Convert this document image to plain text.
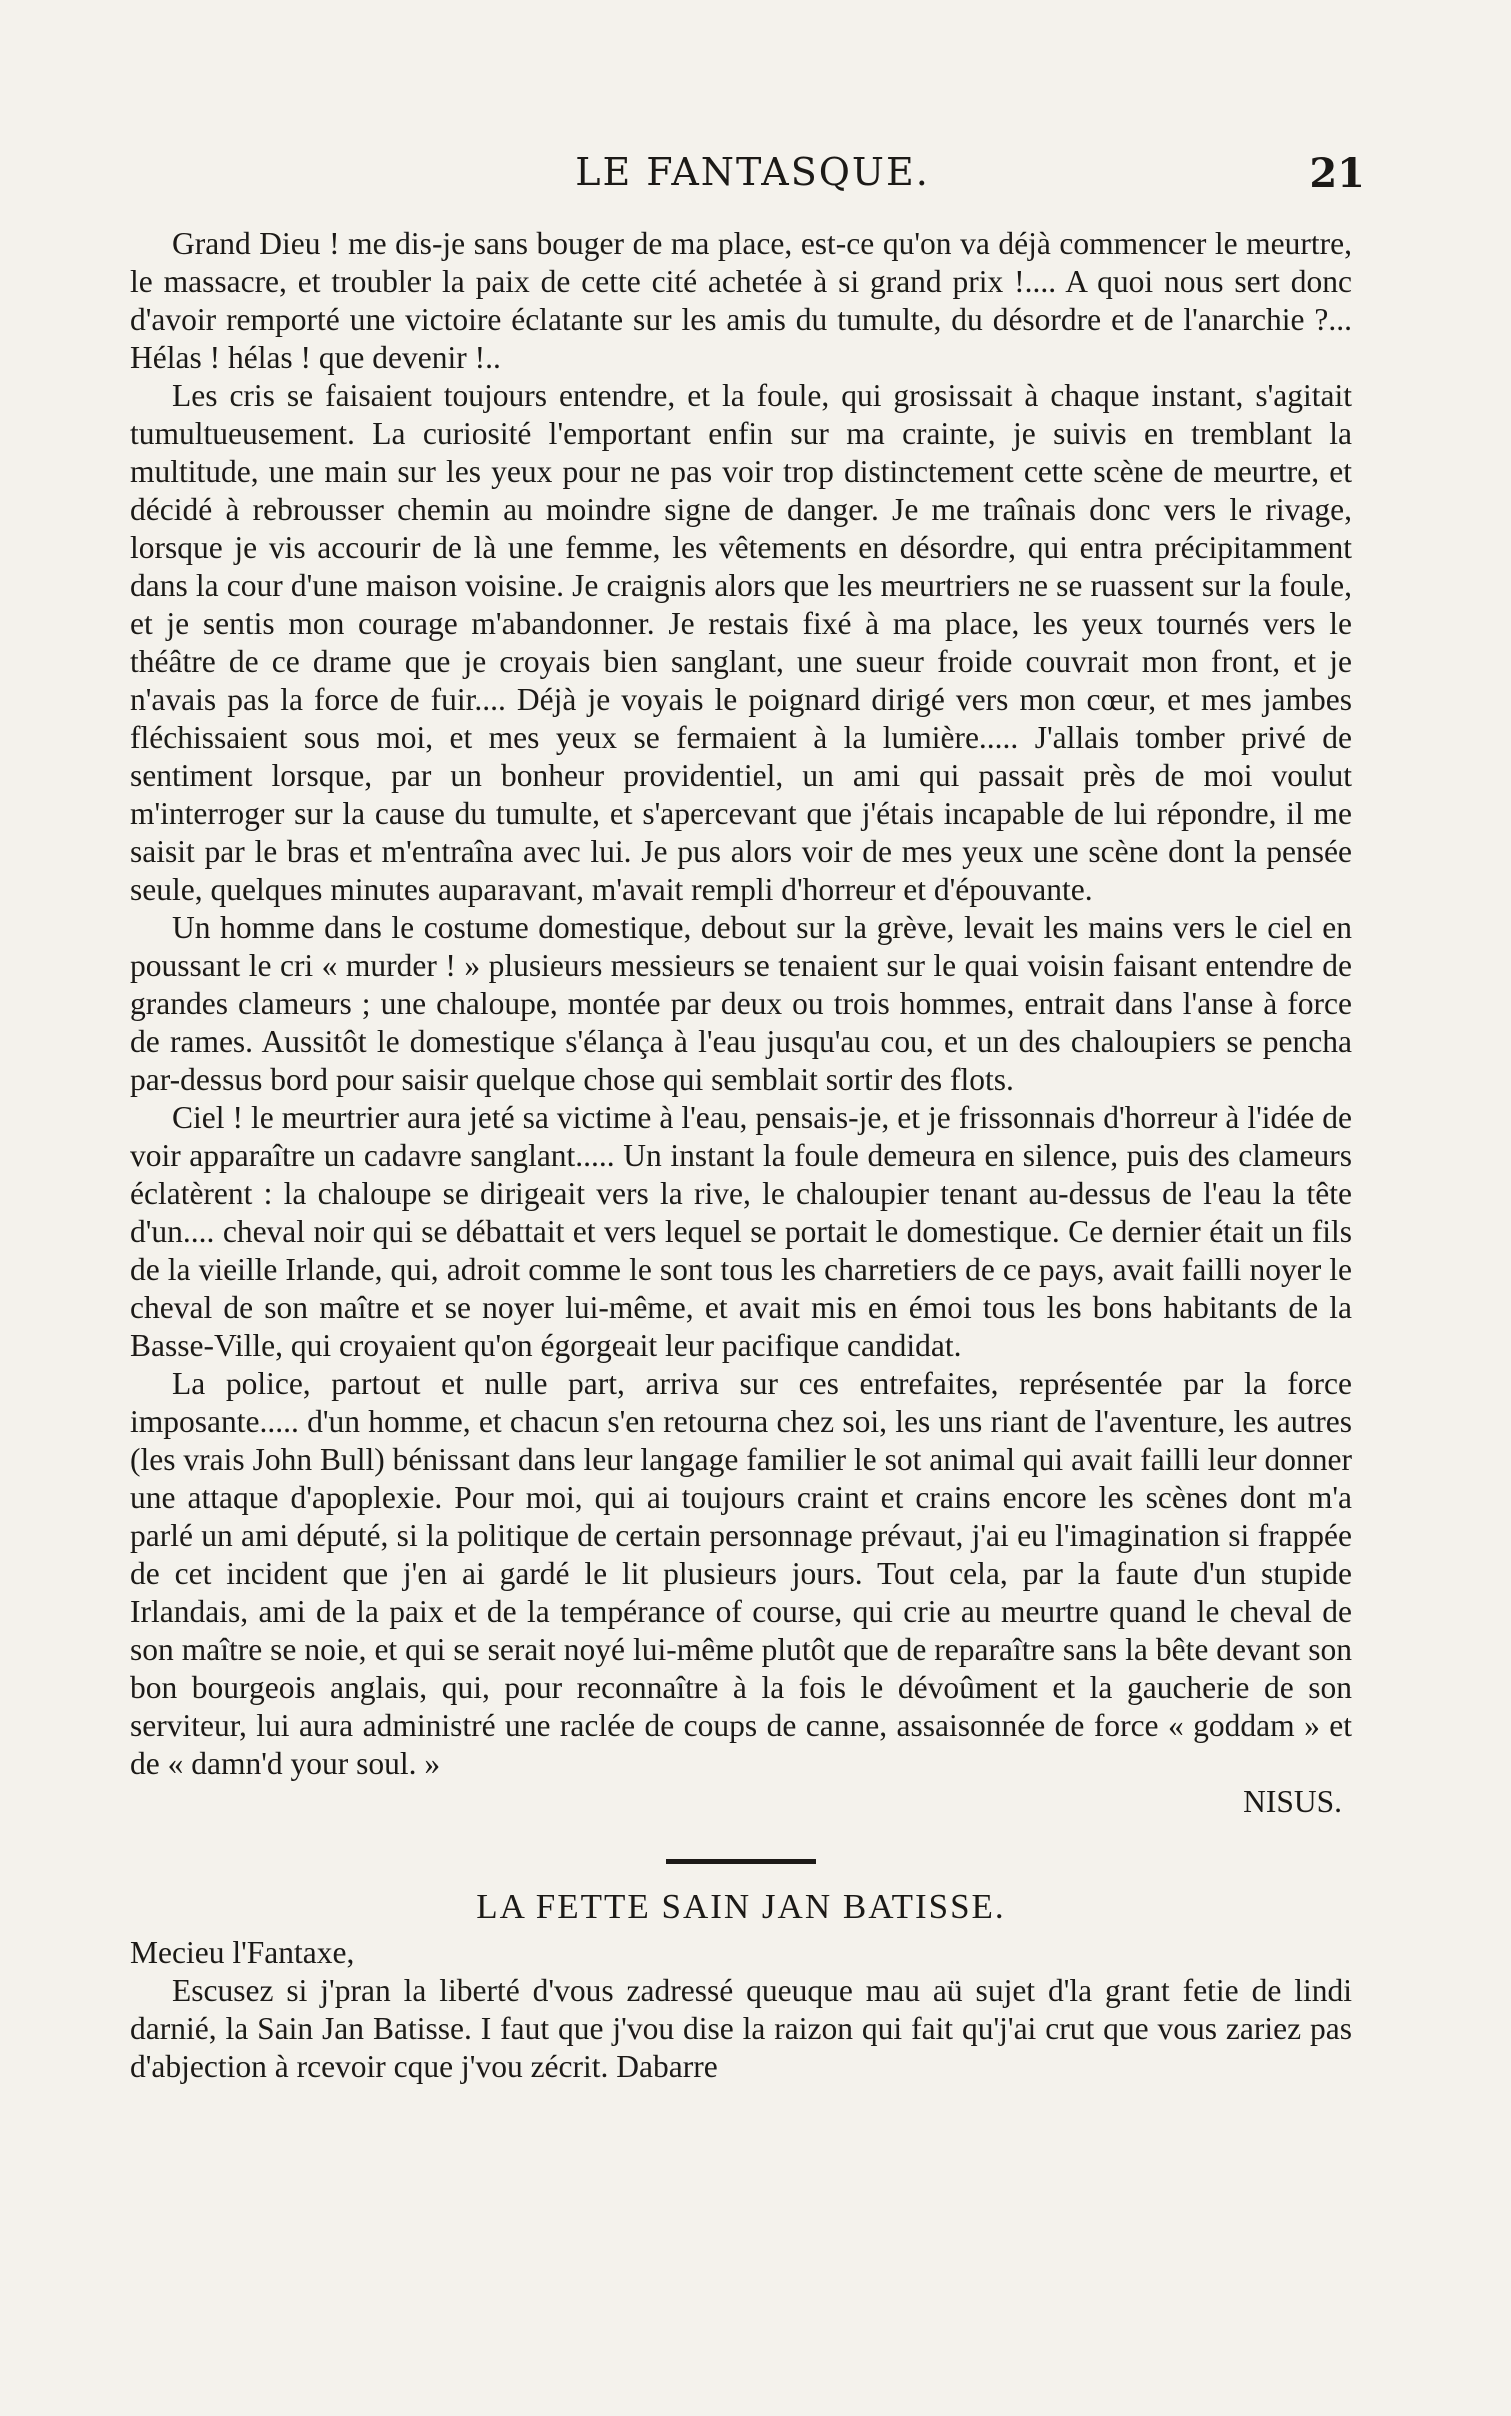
LE FANTASQUE.	21

Grand Dieu ! me dis-je sans bouger de ma place, est-ce qu'on va déjà commencer le meurtre, le massacre, et troubler la paix de cette cité achetée à si grand prix !.... A quoi nous sert donc d'avoir remporté une victoire éclatante sur les amis du tumulte, du désordre et de l'anarchie ?... Hélas ! hélas ! que devenir !..

Les cris se faisaient toujours entendre, et la foule, qui grosissait à chaque instant, s'agitait tumultueusement. La curiosité l'emportant enfin sur ma crainte, je suivis en tremblant la multitude, une main sur les yeux pour ne pas voir trop distinctement cette scène de meurtre, et décidé à rebrousser chemin au moindre signe de danger. Je me traînais donc vers le rivage, lorsque je vis accourir de là une femme, les vêtements en désordre, qui entra précipitamment dans la cour d'une maison voisine. Je craignis alors que les meurtriers ne se ruassent sur la foule, et je sentis mon courage m'abandonner. Je restais fixé à ma place, les yeux tournés vers le théâtre de ce drame que je croyais bien sanglant, une sueur froide couvrait mon front, et je n'avais pas la force de fuir.... Déjà je voyais le poignard dirigé vers mon cœur, et mes jambes fléchissaient sous moi, et mes yeux se fermaient à la lumière..... J'allais tomber privé de sentiment lorsque, par un bonheur providentiel, un ami qui passait près de moi voulut m'interroger sur la cause du tumulte, et s'apercevant que j'étais incapable de lui répondre, il me saisit par le bras et m'entraîna avec lui. Je pus alors voir de mes yeux une scène dont la pensée seule, quelques minutes auparavant, m'avait rempli d'horreur et d'épouvante.

Un homme dans le costume domestique, debout sur la grève, levait les mains vers le ciel en poussant le cri « murder ! » plusieurs messieurs se tenaient sur le quai voisin faisant entendre de grandes clameurs ; une chaloupe, montée par deux ou trois hommes, entrait dans l'anse à force de rames. Aussitôt le domestique s'élança à l'eau jusqu'au cou, et un des chaloupiers se pencha par-dessus bord pour saisir quelque chose qui semblait sortir des flots.

Ciel ! le meurtrier aura jeté sa victime à l'eau, pensais-je, et je frissonnais d'horreur à l'idée de voir apparaître un cadavre sanglant..... Un instant la foule demeura en silence, puis des clameurs éclatèrent : la chaloupe se dirigeait vers la rive, le chaloupier tenant au-dessus de l'eau la tête d'un.... cheval noir qui se débattait et vers lequel se portait le domestique. Ce dernier était un fils de la vieille Irlande, qui, adroit comme le sont tous les charretiers de ce pays, avait failli noyer le cheval de son maître et se noyer lui-même, et avait mis en émoi tous les bons habitants de la Basse-Ville, qui croyaient qu'on égorgeait leur pacifique candidat.

La police, partout et nulle part, arriva sur ces entrefaites, représentée par la force imposante..... d'un homme, et chacun s'en retourna chez soi, les uns riant de l'aventure, les autres (les vrais John Bull) bénissant dans leur langage familier le sot animal qui avait failli leur donner une attaque d'apoplexie. Pour moi, qui ai toujours craint et crains encore les scènes dont m'a parlé un ami député, si la politique de certain personnage prévaut, j'ai eu l'imagination si frappée de cet incident que j'en ai gardé le lit plusieurs jours. Tout cela, par la faute d'un stupide Irlandais, ami de la paix et de la tempérance of course, qui crie au meurtre quand le cheval de son maître se noie, et qui se serait noyé lui-même plutôt que de reparaître sans la bête devant son bon bourgeois anglais, qui, pour reconnaître à la fois le dévoûment et la gaucherie de son serviteur, lui aura administré une raclée de coups de canne, assaisonnée de force « goddam » et de « damn'd your soul. »

NISUS.

LA FETTE SAIN JAN BATISSE.

Mecieu l'Fantaxe,

Escusez si j'pran la liberté d'vous zadressé queuque mau aü sujet d'la grant fetie de lindi darnié, la Sain Jan Batisse. I faut que j'vou dise la raizon qui fait qu'j'ai crut que vous zariez pas d'abjection à rcevoir cque j'vou zécrit. Dabarre
